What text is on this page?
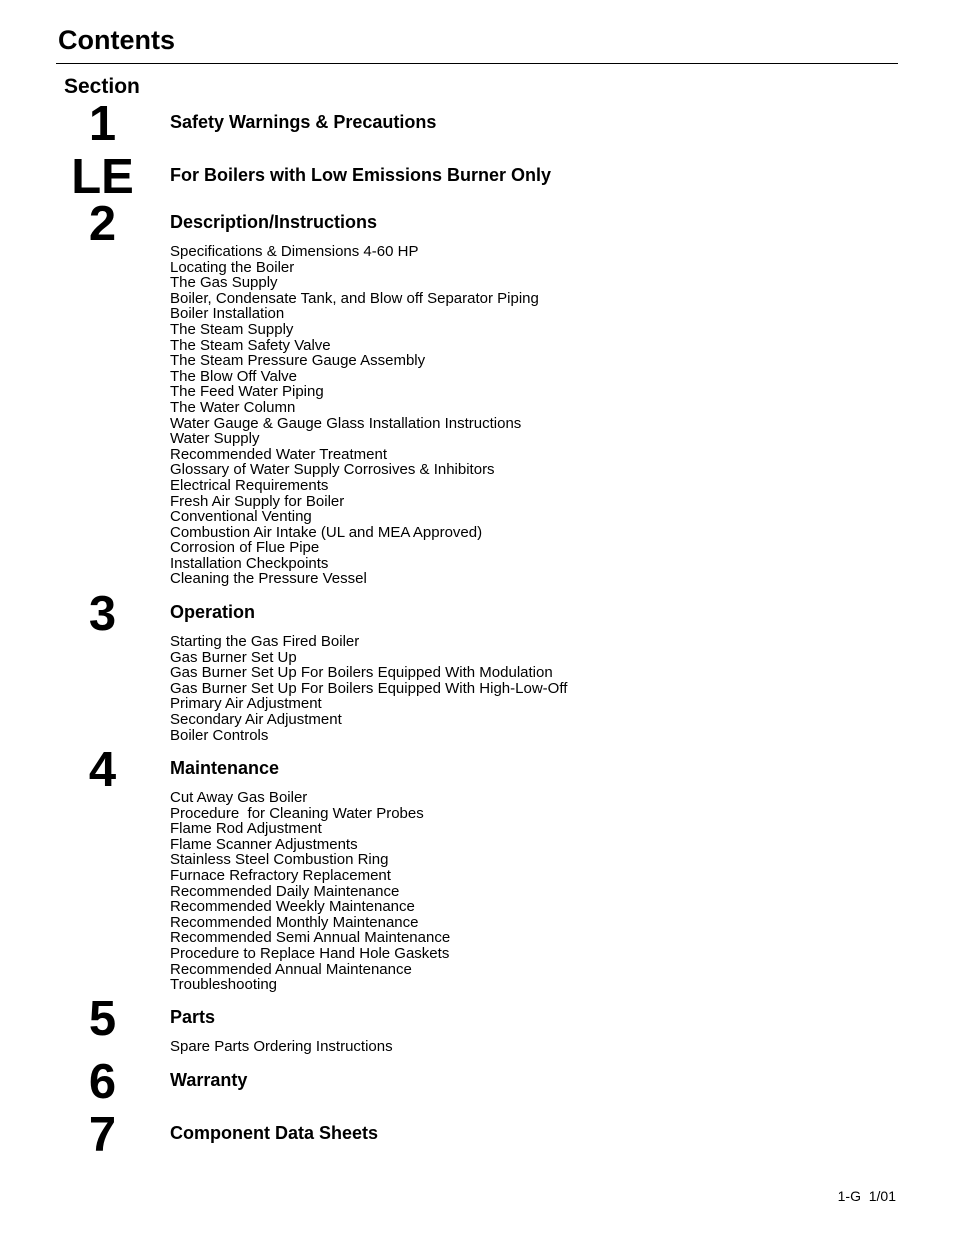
Contents
Section
1	Safety Warnings & Precautions
LE	For Boilers with Low Emissions Burner Only
2	Description/Instructions
Specifications & Dimensions 4-60 HP
Locating the Boiler
The Gas Supply
Boiler, Condensate Tank, and Blow off Separator Piping
Boiler Installation
The Steam Supply
The Steam Safety Valve
The Steam Pressure Gauge Assembly
The Blow Off Valve
The Feed Water Piping
The Water Column
Water Gauge & Gauge Glass Installation Instructions
Water Supply
Recommended Water Treatment
Glossary of Water Supply Corrosives & Inhibitors
Electrical Requirements
Fresh Air Supply for Boiler
Conventional Venting
Combustion Air Intake (UL and MEA Approved)
Corrosion of Flue Pipe
Installation Checkpoints
Cleaning the Pressure Vessel
3	Operation
Starting the Gas Fired Boiler
Gas Burner Set Up
Gas Burner Set Up For Boilers Equipped With Modulation
Gas Burner Set Up For Boilers Equipped With High-Low-Off
Primary Air Adjustment
Secondary Air Adjustment
Boiler Controls
4	Maintenance
Cut Away Gas Boiler
Procedure  for Cleaning Water Probes
Flame Rod Adjustment
Flame Scanner Adjustments
Stainless Steel Combustion Ring
Furnace Refractory Replacement
Recommended Daily Maintenance
Recommended Weekly Maintenance
Recommended Monthly Maintenance
Recommended Semi Annual Maintenance
Procedure to Replace Hand Hole Gaskets
Recommended Annual Maintenance
Troubleshooting
5	Parts
Spare Parts Ordering Instructions
6	Warranty
7	Component Data Sheets
1-G  1/01
